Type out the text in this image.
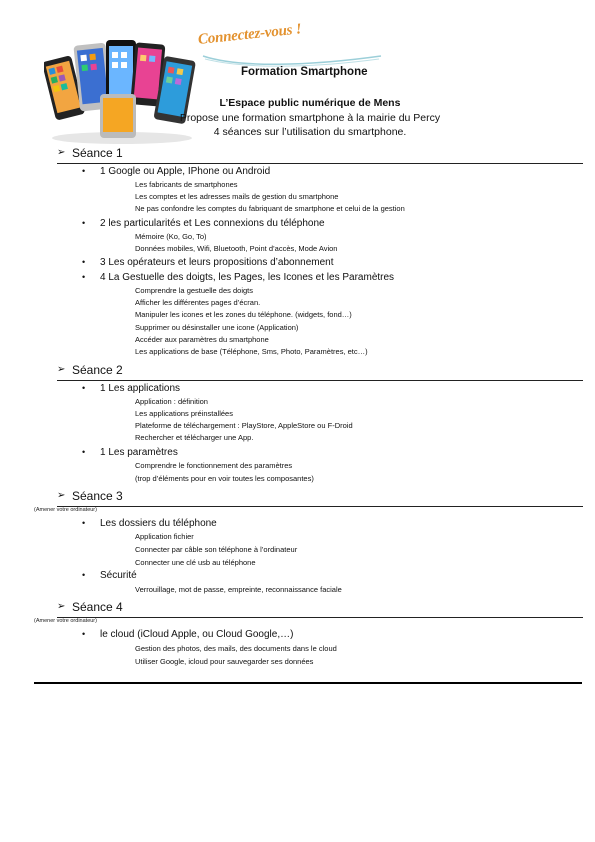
Connectez-vous !
Formation Smartphone
L’Espace public numérique de Mens
Propose une formation smartphone à la mairie du Percy
4 séances sur l’utilisation du smartphone.
➢ Séance 1
• 1 Google ou Apple, IPhone ou Android
Les fabricants de smartphones
Les comptes et les adresses mails de gestion du smartphone
Ne pas confondre les comptes du fabriquant de smartphone et celui de la gestion
• 2 les particularités et Les connexions du téléphone
Mémoire (Ko, Go, To)
Données mobiles, Wifi, Bluetooth, Point d’accès, Mode Avion
• 3 Les opérateurs et leurs propositions d’abonnement
• 4 La Gestuelle des doigts, les Pages, les Icones et les Paramètres
Comprendre la gestuelle des doigts
Afficher les différentes pages d’écran.
Manipuler les icones et les zones du téléphone. (widgets, fond…)
Supprimer ou désinstaller une icone (Application)
Accéder aux paramètres du smartphone
Les applications de base (Téléphone, Sms, Photo, Paramètres, etc…)
➢ Séance 2
• 1 Les applications
Application : définition
Les applications préinstallées
Plateforme de téléchargement : PlayStore, AppleStore ou F-Droid
Rechercher et télécharger une App.
• 1 Les paramètres
Comprendre le fonctionnement des paramètres
(trop d’éléments pour en voir toutes les composantes)
➢ Séance 3
(Amener votre ordinateur)
• Les dossiers du téléphone
Application fichier
Connecter par câble son téléphone à l’ordinateur
Connecter une clé usb au téléphone
• Sécurité
Verrouillage, mot de passe, empreinte, reconnaissance faciale
➢ Séance 4
(Amener votre ordinateur)
• le cloud (iCloud Apple, ou Cloud Google,…)
Gestion des photos, des mails, des documents dans le cloud
Utiliser Google, icloud pour sauvegarder ses données
